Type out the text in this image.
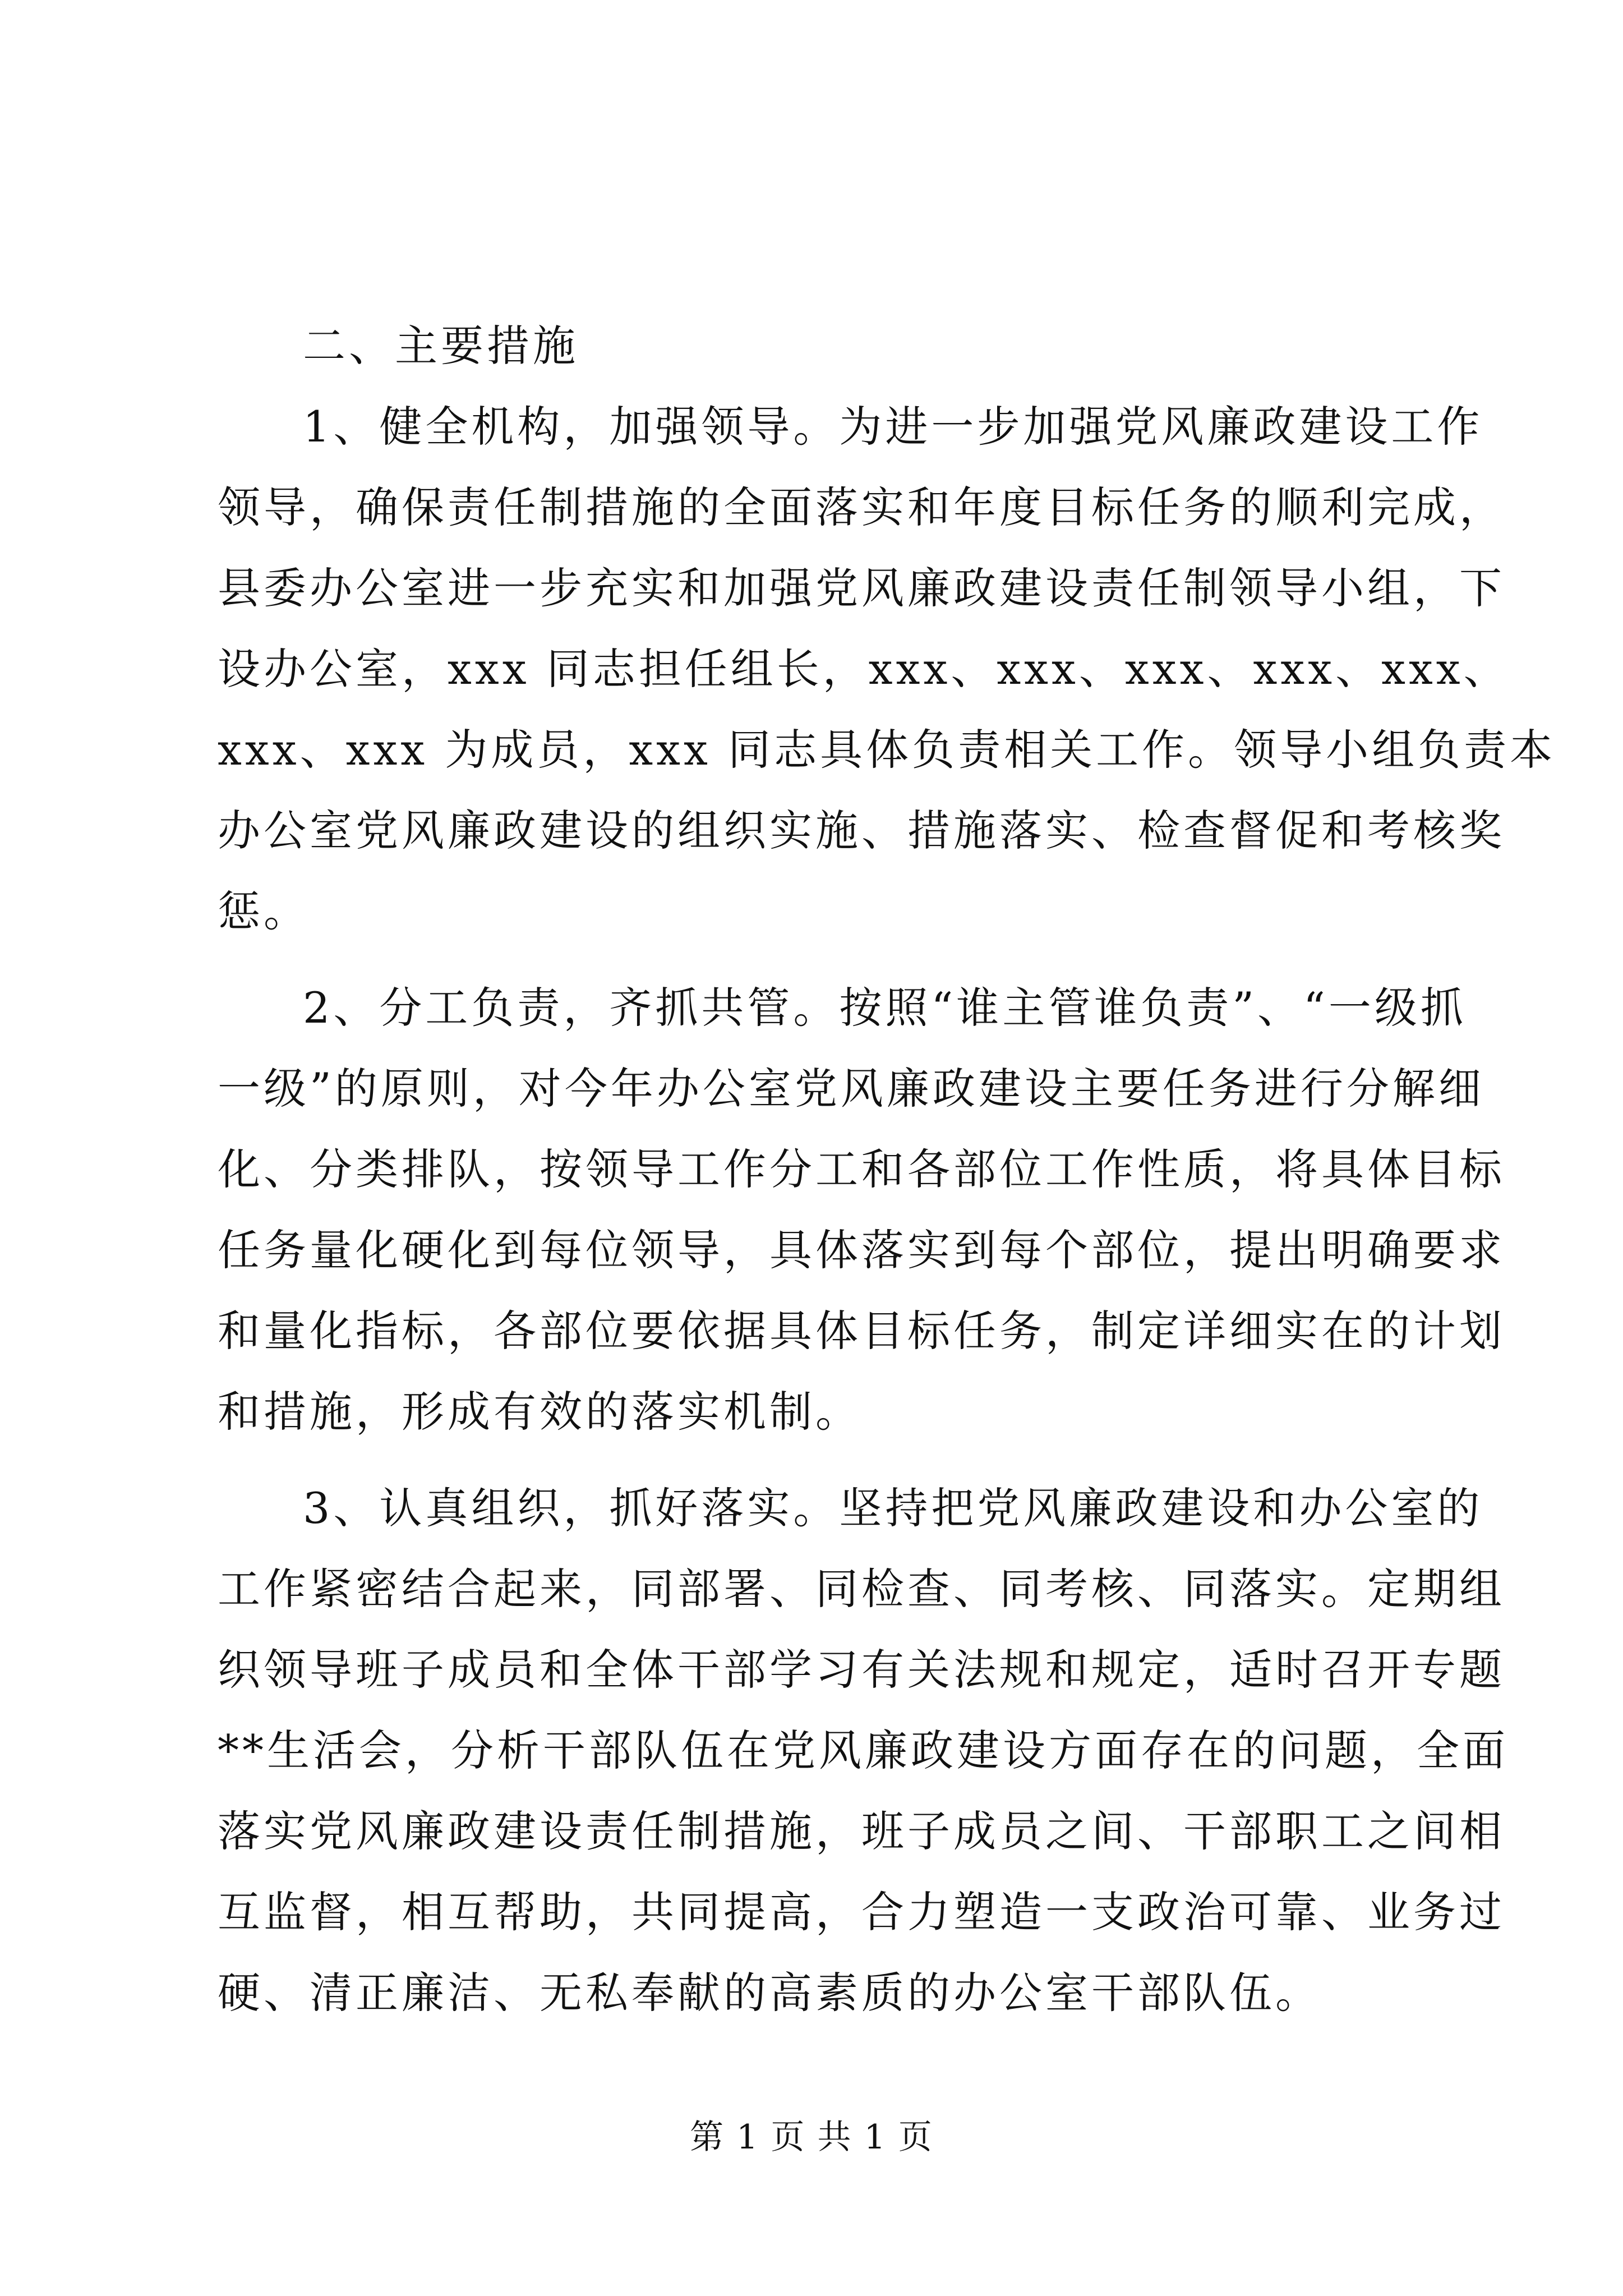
二、主要措施
1、健全机构，加强领导。为进一步加强党风廉政建设工作
领导，确保责任制措施的全面落实和年度目标任务的顺利完成，
县委办公室进一步充实和加强党风廉政建设责任制领导小组，下
设办公室，xxx 同志担任组长，xxx、xxx、xxx、xxx、xxx、
xxx、xxx 为成员，xxx 同志具体负责相关工作。领导小组负责本
办公室党风廉政建设的组织实施、措施落实、检查督促和考核奖
惩。
2、分工负责，齐抓共管。按照“谁主管谁负责”、“一级抓
一级”的原则，对今年办公室党风廉政建设主要任务进行分解细
化、分类排队，按领导工作分工和各部位工作性质，将具体目标
任务量化硬化到每位领导，具体落实到每个部位，提出明确要求
和量化指标，各部位要依据具体目标任务，制定详细实在的计划
和措施，形成有效的落实机制。
3、认真组织，抓好落实。坚持把党风廉政建设和办公室的
工作紧密结合起来，同部署、同检查、同考核、同落实。定期组
织领导班子成员和全体干部学习有关法规和规定，适时召开专题
**生活会，分析干部队伍在党风廉政建设方面存在的问题，全面
落实党风廉政建设责任制措施，班子成员之间、干部职工之间相
互监督，相互帮助，共同提高，合力塑造一支政治可靠、业务过
硬、清正廉洁、无私奉献的高素质的办公室干部队伍。
第 1 页 共 1 页
